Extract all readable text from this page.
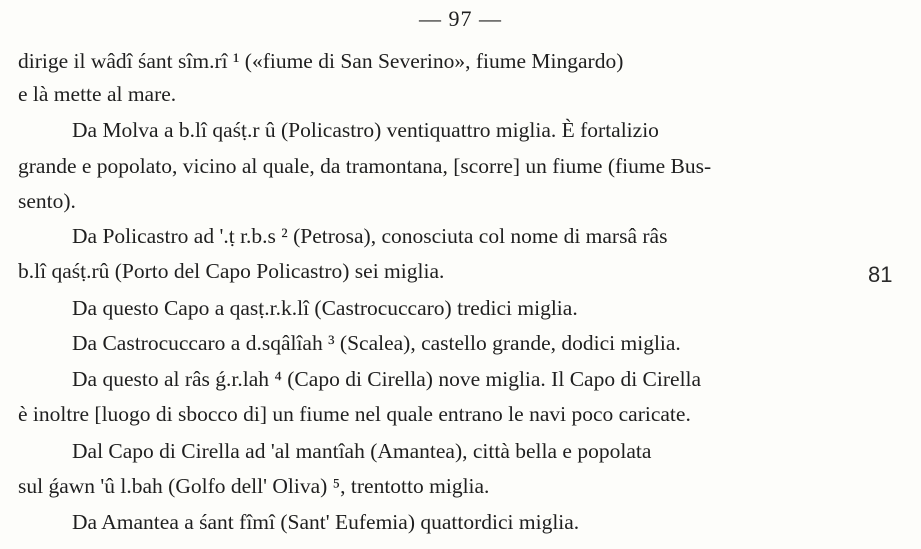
— 97 —
dirige il wâdî śant sîm.rî ¹ («fiume di San Severino», fiume Mingardo)
e là mette al mare.
Da Molva a b.lî qaśṭ.r û (Policastro) ventiquattro miglia. È fortalizio
grande e popolato, vicino al quale, da tramontana, [scorre] un fiume (fiume Bus-
sento).
Da Policastro ad '.ṭ r.b.s ² (Petrosa), conosciuta col nome di marsâ râs
b.lî qaśṭ.rû (Porto del Capo Policastro) sei miglia.
Da questo Capo a qasṭ.r.k.lî (Castrocuccaro) tredici miglia.
Da Castrocuccaro a d.sqâlîah ³ (Scalea), castello grande, dodici miglia.
Da questo al râs ǵ.r.lah ⁴ (Capo di Cirella) nove miglia. Il Capo di Cirella
è inoltre [luogo di sbocco di] un fiume nel quale entrano le navi poco caricate.
Dal Capo di Cirella ad 'al mantîah (Amantea), città bella e popolata
sul ǵawn 'û l.bah (Golfo dell' Oliva) ⁵, trentotto miglia.
Da Amantea a śant fîmî (Sant' Eufemia) quattordici miglia.
81
